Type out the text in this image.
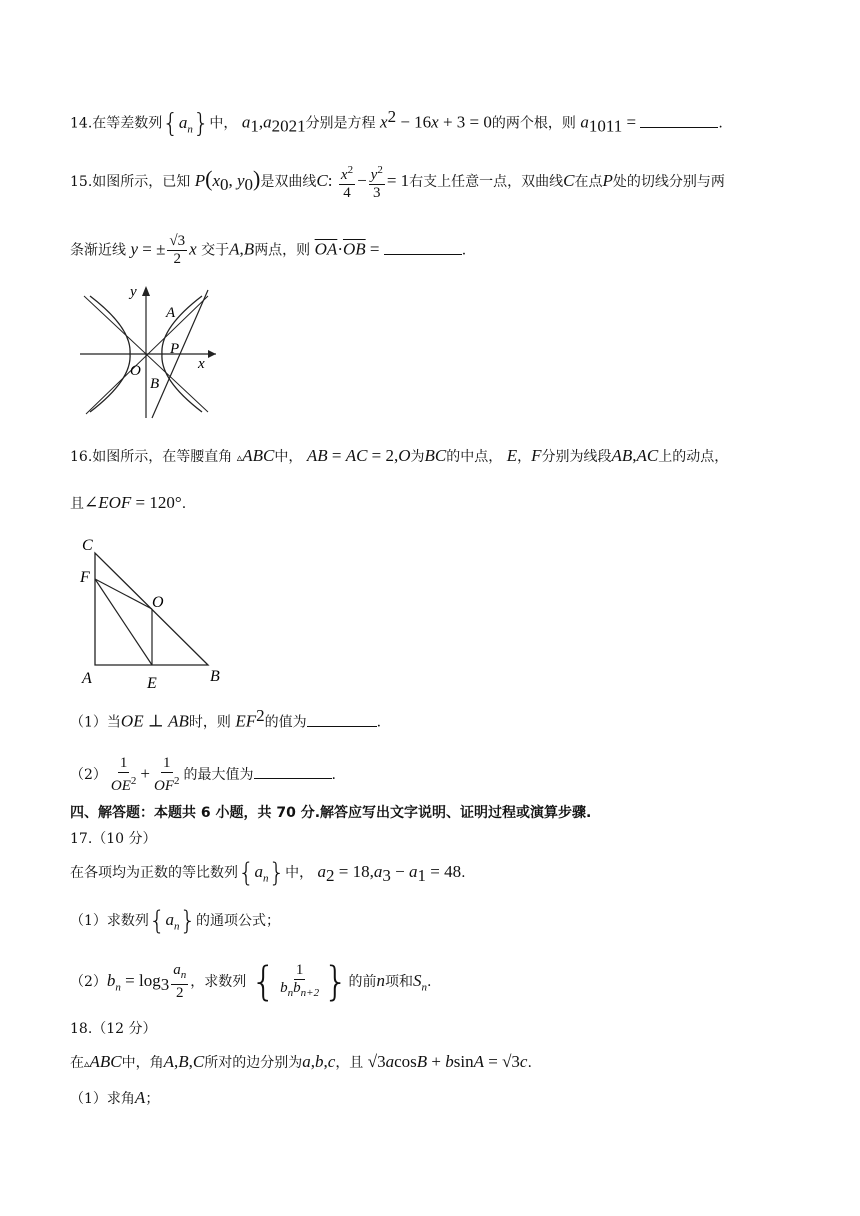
14.在等差数列$\{a_n\}$中， $a_1,a_{2021}$分别是方程 $x^2 - 16x + 3 = 0$的两个根，则 $a_{1011}$ =	.
15.如图所示，已知 $P(x_0$, $y_0$)是双曲线C: $\frac{x^2}{4} - \frac{y^2}{3} = 1$右支上任意一点，双曲线C在点P处的切线分别与两
条渐近线 y = ± $\frac{√3}{2}$ x 交于A,B两点，则 $\overline{OA}\cdot\overline{OB}$ =	.
y
A
P
x
O
B
16.如图所示，在等腰直角 ▵ABC中， AB = AC = 2,O为BC的中点， E，F分别为线段AB,AC上的动点，
且∠EOF = 120°.
C
F
O
A	E	B
（1）当OE ⊥ AB时，则 $EF^2$的值为	.
$(2) \frac{1}{OE^2} + \frac{1}{OF^2}$ 的最大值为	.
四、解答题：本题共 6 小题，共 70 分.解答应写出文字说明、证明过程或演算步骤.
17.（10 分）
在各项均为正数的等比数列$\{a_n\}$中， $a_2 = 18,a_3 - a_1 = 48$.
（1）求数列$\{a_n\}$的通项公式；
$(2)b_n = \log_3 \frac{a_n}{2}$ ，求数列 { $\frac{1}{b_nb_{n+2}}$ }的前n项和$S_n$.
18.（12 分）
在▵ABC中，角A,B,C所对的边分别为a,b,c，且 √3acosB + bsinA = √3c.
（1）求角A；
